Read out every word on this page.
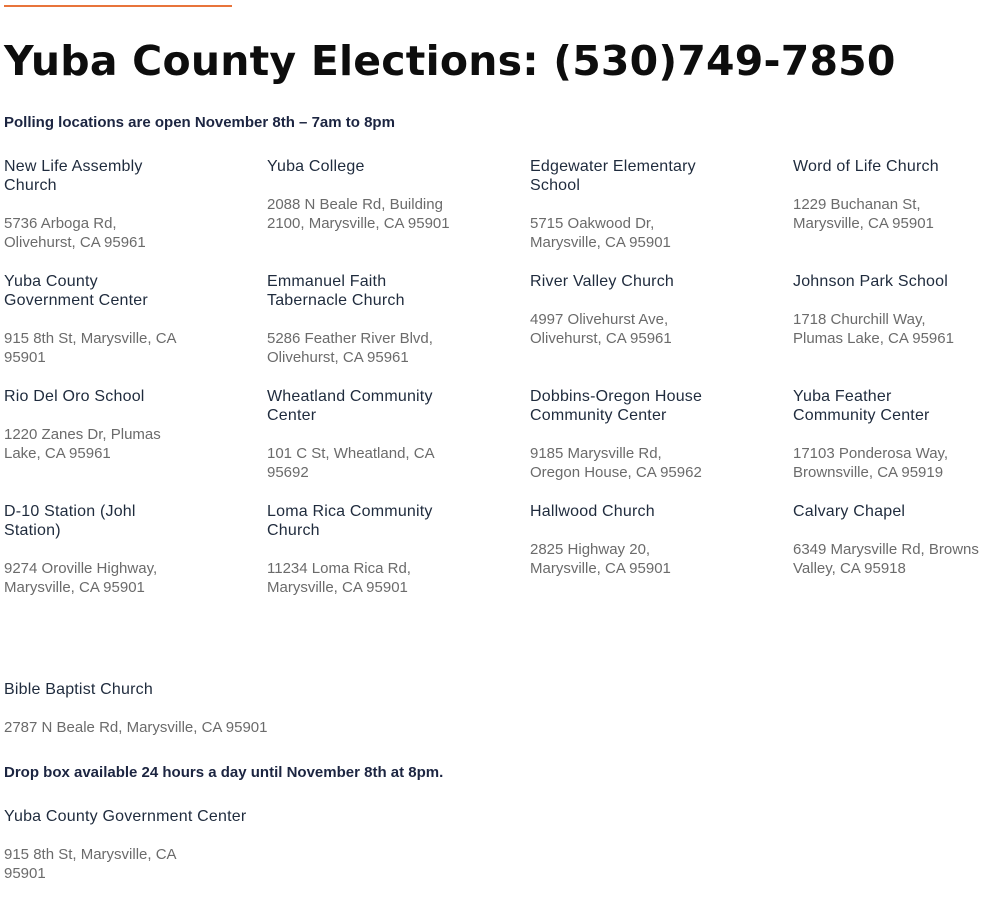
Yuba County Elections: (530)749-7850

Polling locations are open November 8th – 7am to 8pm

New Life Assembly Church
5736 Arboga Rd, Olivehurst, CA 95961
Yuba College
2088 N Beale Rd, Building 2100, Marysville, CA 95901
Edgewater Elementary School
5715 Oakwood Dr, Marysville, CA 95901
Word of Life Church
1229 Buchanan St, Marysville, CA 95901
Yuba County Government Center
915 8th St, Marysville, CA 95901
Emmanuel Faith Tabernacle Church
5286 Feather River Blvd, Olivehurst, CA 95961
River Valley Church
4997 Olivehurst Ave, Olivehurst, CA 95961
Johnson Park School
1718 Churchill Way, Plumas Lake, CA 95961
Rio Del Oro School
1220 Zanes Dr, Plumas Lake, CA 95961
Wheatland Community Center
101 C St, Wheatland, CA 95692
Dobbins-Oregon House Community Center
9185 Marysville Rd, Oregon House, CA 95962
Yuba Feather Community Center
17103 Ponderosa Way, Brownsville, CA 95919
D-10 Station (Johl Station)
9274 Oroville Highway, Marysville, CA 95901
Loma Rica Community Church
11234 Loma Rica Rd, Marysville, CA 95901
Hallwood Church
2825 Highway 20, Marysville, CA 95901
Calvary Chapel
6349 Marysville Rd, Browns Valley, CA 95918
Bible Baptist Church
2787 N Beale Rd, Marysville, CA 95901

Drop box available 24 hours a day until November 8th at 8pm.

Yuba County Government Center
915 8th St, Marysville, CA 95901
